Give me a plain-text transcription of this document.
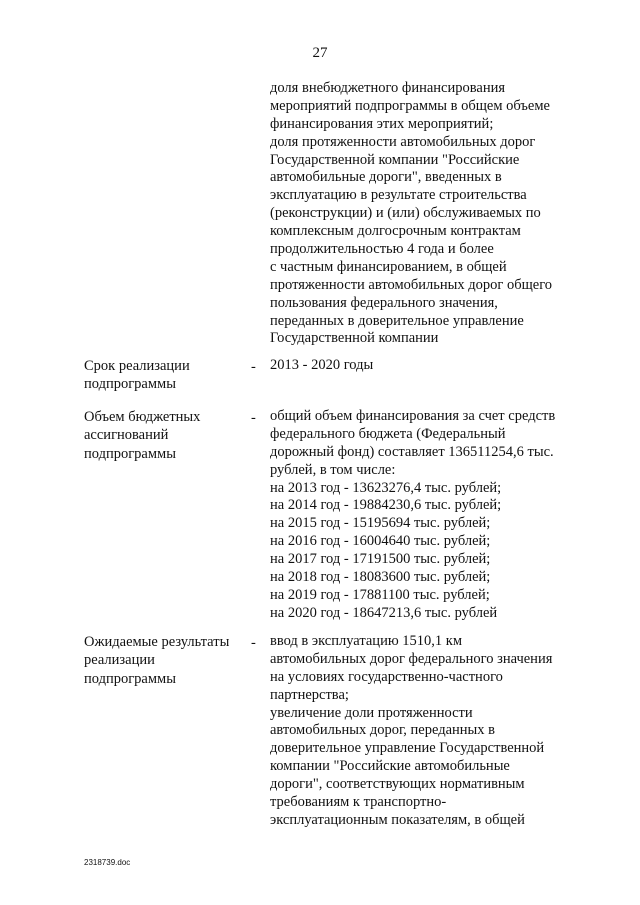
27
доля внебюджетного финансирования
мероприятий подпрограммы в общем объеме
финансирования этих мероприятий;
доля протяженности автомобильных дорог
Государственной компании "Российские
автомобильные дороги", введенных в
эксплуатацию в результате строительства
(реконструкции) и (или) обслуживаемых по
комплексным долгосрочным контрактам
продолжительностью 4 года и более
с частным финансированием, в общей
протяженности автомобильных дорог общего
пользования федерального значения,
переданных в доверительное управление
Государственной компании
Срок реализации
подпрограммы
- 2013 - 2020 годы
Объем бюджетных
ассигнований
подпрограммы
- общий объем финансирования за счет средств
федерального бюджета (Федеральный
дорожный фонд) составляет 136511254,6 тыс.
рублей, в том числе:
на 2013 год - 13623276,4 тыс. рублей;
на 2014 год - 19884230,6 тыс. рублей;
на 2015 год - 15195694 тыс. рублей;
на 2016 год - 16004640 тыс. рублей;
на 2017 год - 17191500 тыс. рублей;
на 2018 год - 18083600 тыс. рублей;
на 2019 год - 17881100 тыс. рублей;
на 2020 год - 18647213,6 тыс. рублей
Ожидаемые результаты
реализации
подпрограммы
- ввод в эксплуатацию 1510,1 км
автомобильных дорог федерального значения
на условиях государственно-частного
партнерства;
увеличение доли протяженности
автомобильных дорог, переданных в
доверительное управление Государственной
компании "Российские автомобильные
дороги", соответствующих нормативным
требованиям к транспортно-
эксплуатационным показателям, в общей
2318739.doc
